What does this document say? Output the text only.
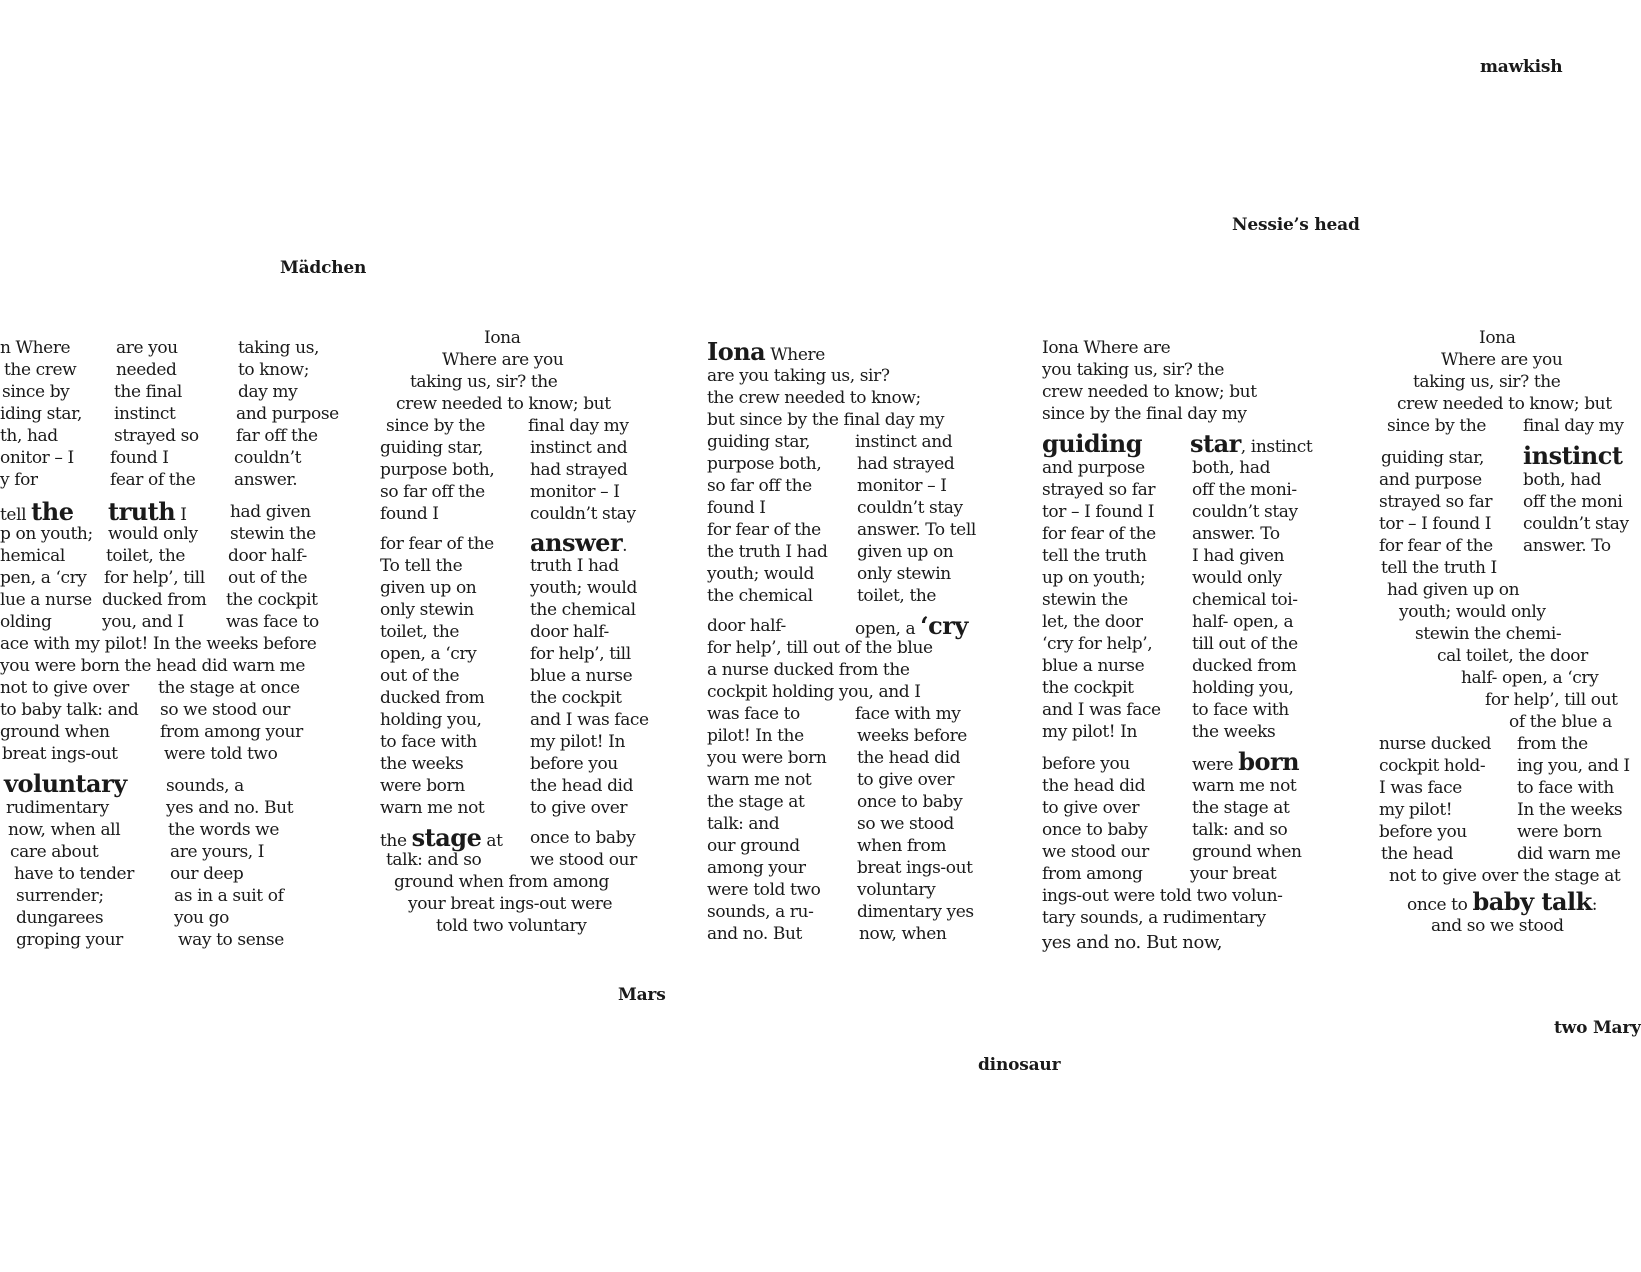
mawkish
Nessie’s head
Mädchen
Mars
dinosaur
two Mary
n Where	are you	taking us,
the crew needed	to know;
since by	the final	day my
iding star, instinct	and purpose
th, had	strayed so far off the
onitor – I found I	couldn’t
y for	fear of the answer.
tell the truth I	had given
p on youth; would only stewin the
hemical toilet, the	door half-
pen, a ‘cry for help’, till out of the
lue a nurse ducked from the cockpit
olding	you, and I was face to
ace with my pilot! In the weeks before
you were born the head did warn me
not to give over the stage at once
to baby talk: and so we stood our
ground when	from among your
breat ings-out	were told two
voluntary sounds, a
rudimentary	yes and no. But
now, when all	the words we
care about	are yours, I
have to tender our deep
surrender;	as in a suit of
dungarees	you go
groping your	way to sense
Iona
Where are you
taking us, sir? the
crew needed to know; but
since by the	final day my
guiding star,	instinct and
purpose both, had strayed
so far off the	monitor – I
found I	couldn’t stay
for fear of the answer.
To tell the	truth I had
given up on	youth; would
only stewin	the chemical
toilet, the	door half-
open, a ‘cry	for help’, till
out of the	blue a nurse
ducked from	the cockpit
holding you,	and I was face
to face with	my pilot! In
the weeks	before you
were born	the head did
warn me not	to give over
the stage at once to baby
talk: and so	we stood our
ground when from among
your breat ings-out were
told two voluntary
Iona Where
are you taking us, sir?
the crew needed to know;
but since by the final day my
guiding star,	instinct and
purpose both, had strayed
so far off the	monitor – I
found I	couldn’t stay
for fear of the answer. To tell
the truth I had given up on
youth; would	only stewin
the chemical	toilet, the
door half-	open, a ‘cry
for help’, till out of the blue
a nurse ducked from the
cockpit holding you, and I
was face to	face with my
pilot! In the	weeks before
you were born the head did
warn me not	to give over
the stage at	once to baby
talk: and	so we stood
our ground	when from
among your	breat ings-out
were told two voluntary
sounds, a ru-	dimentary yes
and no. But	now, when
Iona Where are
you taking us, sir? the
crew needed to know; but
since by the final day my
guiding star, instinct
and purpose	both, had
strayed so far off the moni-
tor – I found I couldn’t stay
for fear of the answer. To
tell the truth	I had given
up on youth;	would only
stewin the	chemical toi-
let, the door	half- open, a
‘cry for help’, till out of the
blue a nurse	ducked from
the cockpit	holding you,
and I was face to face with
my pilot! In	the weeks
before you	were born
the head did	warn me not
to give over	the stage at
once to baby	talk: and so
we stood our	ground when
from among	your breat
ings-out were told two volun-
tary sounds, a rudimentary
yes and no. But now,
Iona
Where are you
taking us, sir? the
crew needed to know; but
since by the final day my
guiding star, instinct
and purpose both, had
strayed so far off the moni
tor – I found I couldn’t stay
for fear of the answer. To
tell the truth I
had given up on
youth; would only
stewin the chemi-
cal toilet, the door
half- open, a ‘cry
for help’, till out
of the blue a
nurse ducked from the
cockpit hold- ing you, and I
I was face	to face with
my pilot!	In the weeks
before you	were born
the head	did warn me
not to give over the stage at
once to baby talk:
and so we stood
